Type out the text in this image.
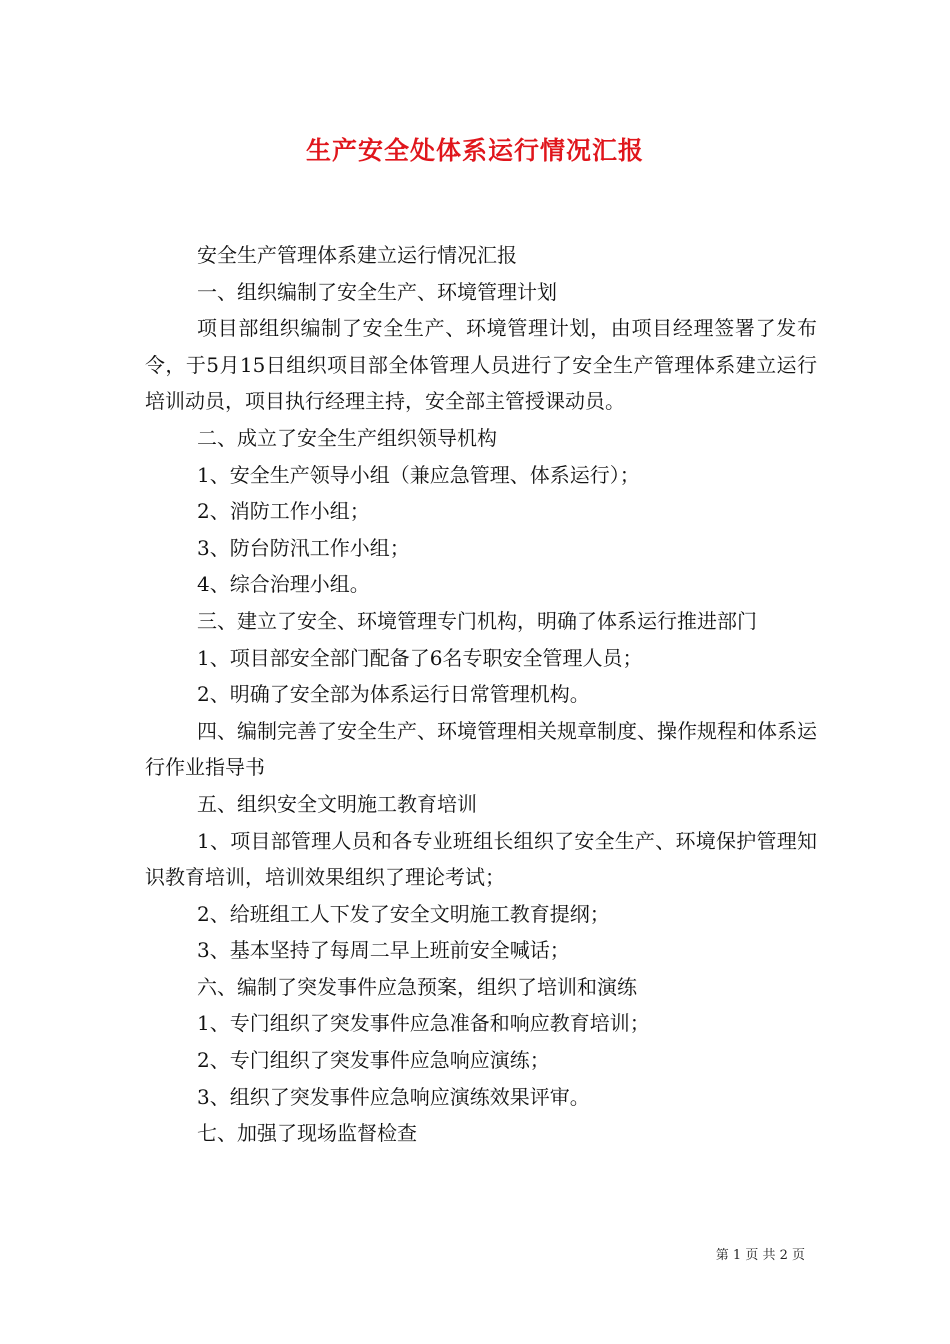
生产安全处体系运行情况汇报

安全生产管理体系建立运行情况汇报

一、组织编制了安全生产、环境管理计划

项目部组织编制了安全生产、环境管理计划，由项目经理签署了发布令，于5月15日组织项目部全体管理人员进行了安全生产管理体系建立运行培训动员，项目执行经理主持，安全部主管授课动员。

二、成立了安全生产组织领导机构

1、安全生产领导小组（兼应急管理、体系运行）；

2、消防工作小组；

3、防台防汛工作小组；

4、综合治理小组。

三、建立了安全、环境管理专门机构，明确了体系运行推进部门

1、项目部安全部门配备了6名专职安全管理人员；

2、明确了安全部为体系运行日常管理机构。

四、编制完善了安全生产、环境管理相关规章制度、操作规程和体系运行作业指导书

五、组织安全文明施工教育培训

1、项目部管理人员和各专业班组长组织了安全生产、环境保护管理知识教育培训，培训效果组织了理论考试；

2、给班组工人下发了安全文明施工教育提纲；

3、基本坚持了每周二早上班前安全喊话；

六、编制了突发事件应急预案，组织了培训和演练

1、专门组织了突发事件应急准备和响应教育培训；

2、专门组织了突发事件应急响应演练；

3、组织了突发事件应急响应演练效果评审。

七、加强了现场监督检查

第 1 页 共 2 页
